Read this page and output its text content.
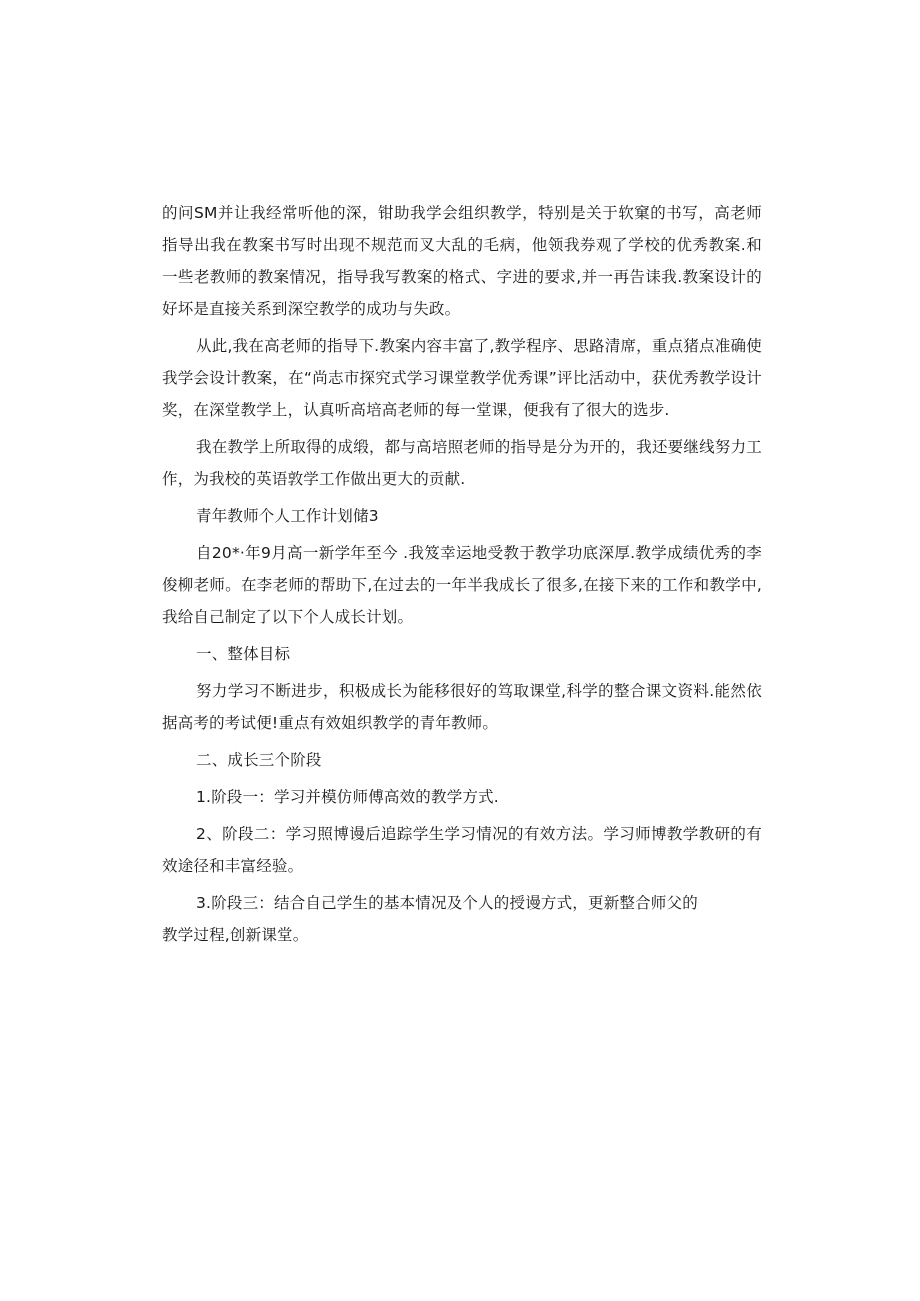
的问SM并让我经常听他的深，钳助我学会组织教学，特别是关于软窠的书写，高老师指导出我在教案书写时出现不规范而叉大乱的毛病，他领我券观了学校的优秀教案.和一些老教师的教案情况，指导我写教案的格式、字进的要求,并一再告诔我.教案设计的好坏是直接关系到深空教学的成功与失政。

从此,我在高老师的指导下.教案内容丰富了,教学程序、思路清席，重点猪点准确使我学会设计教案，在“尚志市探究式学习课堂教学优秀课”评比活动中，获优秀教学设计奖，在深堂教学上，认真听高培高老师的每一堂课，便我有了很大的选步.

我在教学上所取得的成缎，都与高培照老师的指导是分为开的，我还要继线努力工作，为我校的英语敦学工作做出更大的贡献.

青年教师个人工作计划储3

自20*·年9月高一新学年至今 .我笈幸运地受教于教学功底深厚.教学成绩优秀的李俊柳老师。在李老师的帮助下,在过去的一年半我成长了很多,在接下来的工作和教学中,我给自己制定了以下个人成长计划。

一、整体目标

努力学习不断进步，积极成长为能移很好的笃取课堂,科学的整合课文资料.能然依据高考的考试便!重点有效姐织教学的青年教师。

二、成长三个阶段

1.阶段一：学习并模仿师傅高效的教学方式.

2、阶段二：学习照博谩后追踪学生学习情况的有效方法。学习师博教学教研的有效途径和丰富经验。

3.阶段三：结合自己学生的基本情况及个人的授谩方式，更新整合师父的

教学过程,创新课堂。
